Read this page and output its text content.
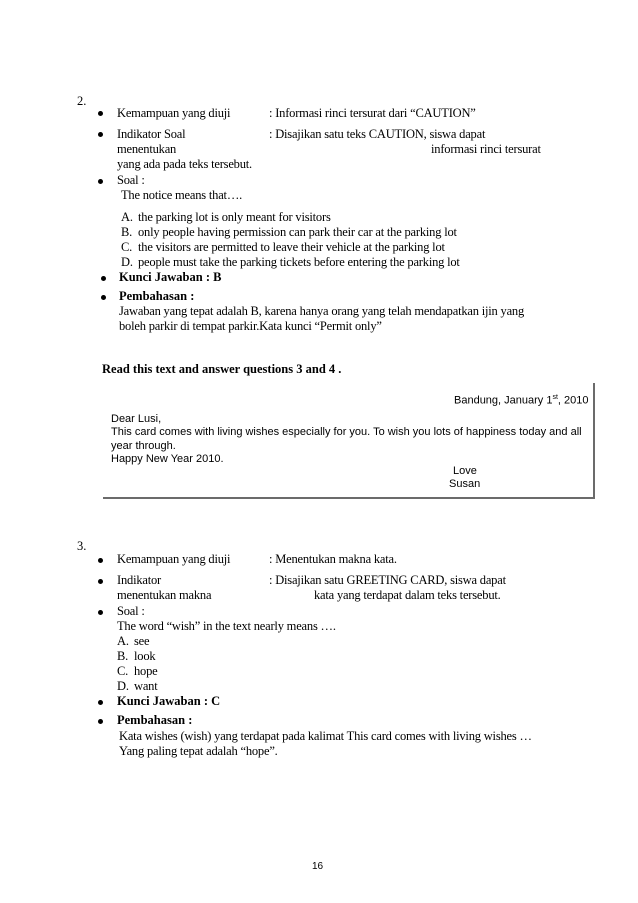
2.
Kemampuan yang diuji	: Informasi rinci tersurat dari “CAUTION”
Indikator Soal	: Disajikan satu teks CAUTION, siswa dapat
menentukan	informasi rinci tersurat
yang ada pada teks tersebut.
Soal :
The notice means that….
A. the parking lot is only meant for visitors
B. only people having permission can park their car at the parking lot
C. the visitors are permitted to leave their vehicle at the parking lot
D. people must take the parking tickets before entering the parking lot
Kunci Jawaban : B
Pembahasan :
Jawaban yang tepat adalah B, karena hanya orang yang telah mendapatkan ijin yang
boleh parkir di tempat parkir.Kata kunci “Permit only”
Read this text and answer questions 3 and 4 .
Bandung, January 1st, 2010
Dear Lusi,
This card comes with living wishes especially for you. To wish you lots of happiness today and all
year through.
Happy New Year 2010.
Love
Susan
3.
Kemampuan yang diuji	: Menentukan makna kata.
Indikator	: Disajikan satu GREETING CARD, siswa dapat
menentukan makna	kata yang terdapat dalam teks tersebut.
Soal :
The word “wish” in the text nearly means ….
A. see
B. look
C. hope
D. want
Kunci Jawaban : C
Pembahasan :
Kata wishes (wish) yang terdapat pada kalimat This card comes with living wishes …
Yang paling tepat adalah “hope”.
16
